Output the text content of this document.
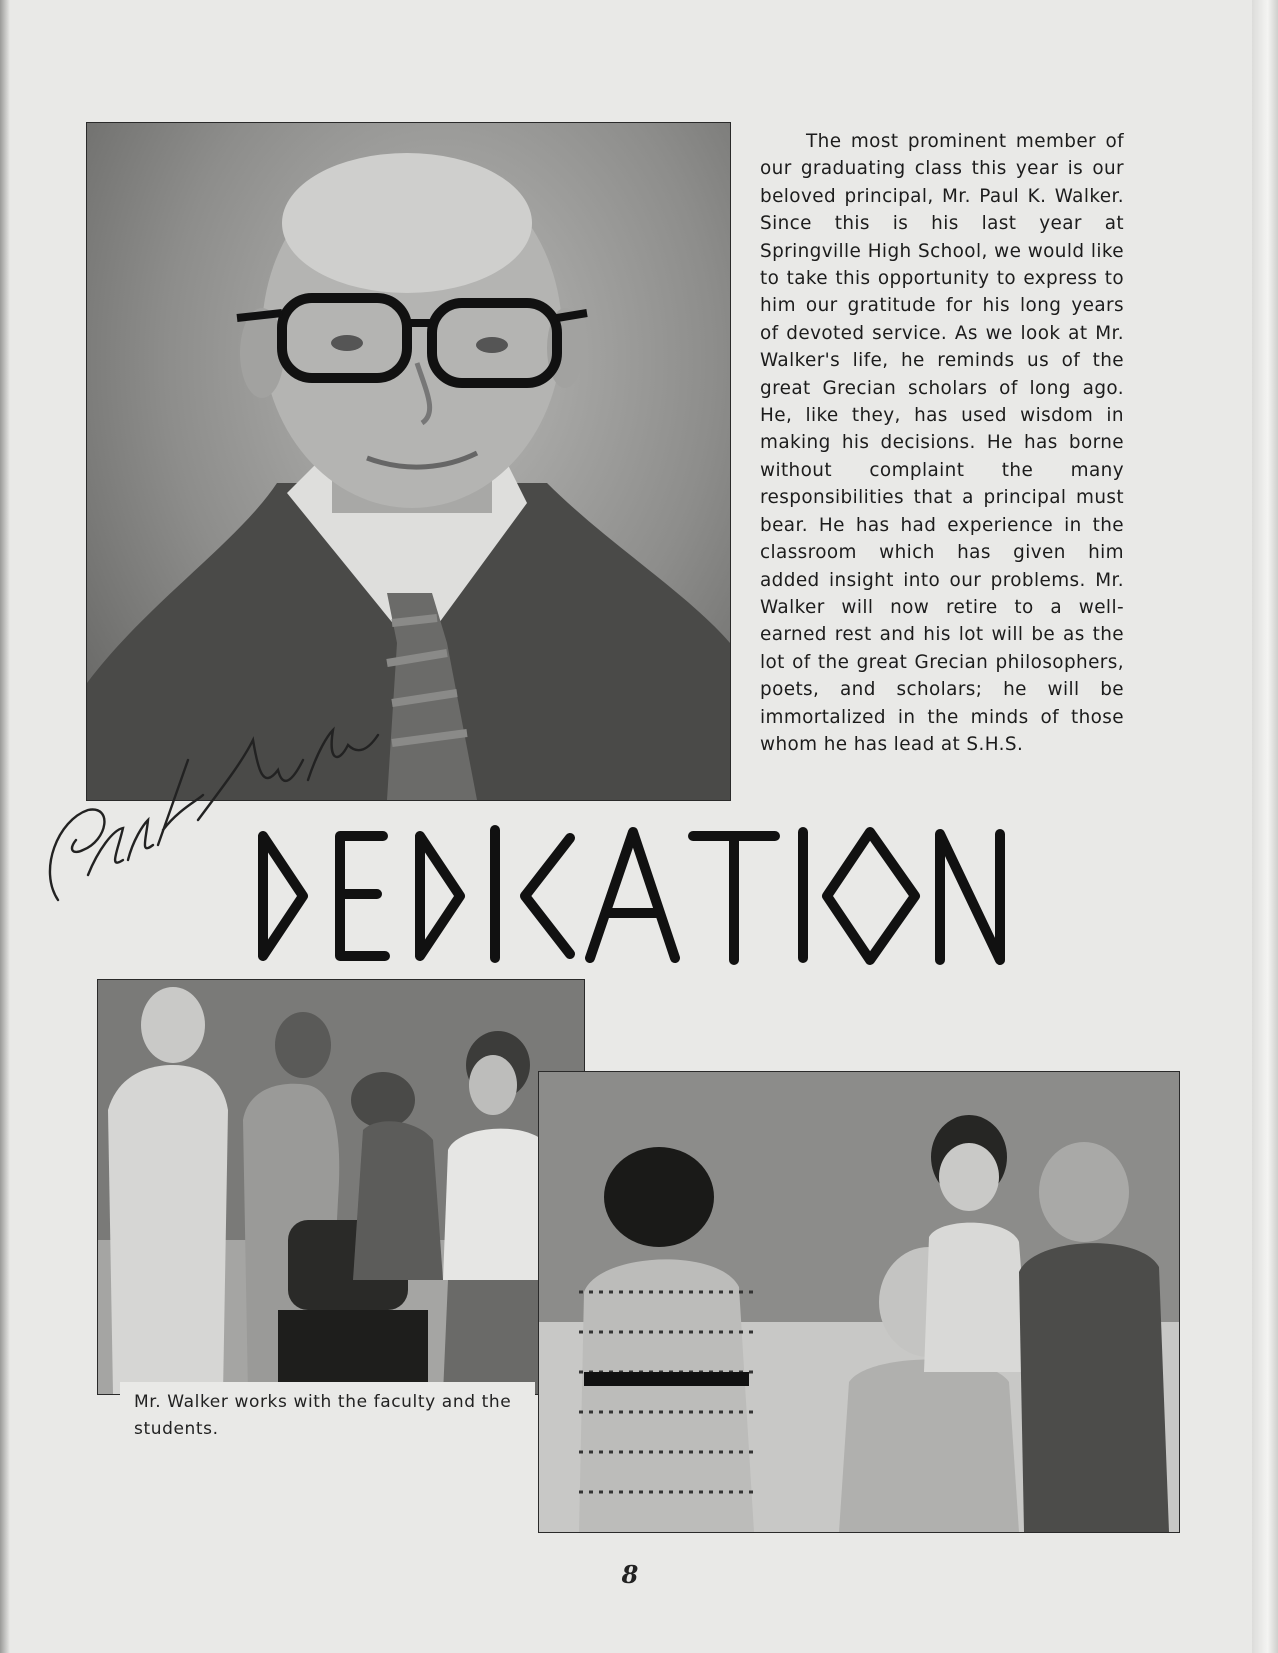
The most prominent member of our graduating class this year is our beloved principal, Mr. Paul K. Walker. Since this is his last year at Springville High School, we would like to take this opportunity to express to him our gratitude for his long years of devoted service. As we look at Mr. Walker's life, he reminds us of the great Grecian scholars of long ago. He, like they, has used wisdom in making his decisions. He has borne without complaint the many responsibilities that a principal must bear. He has had experience in the classroom which has given him added insight into our problems. Mr. Walker will now retire to a well-earned rest and his lot will be as the lot of the great Grecian philosophers, poets, and scholars; he will be immortalized in the minds of those whom he has lead at S.H.S.
DEDICATION
Paul K. Walker
Mr. Walker works with the faculty and the students.
8
